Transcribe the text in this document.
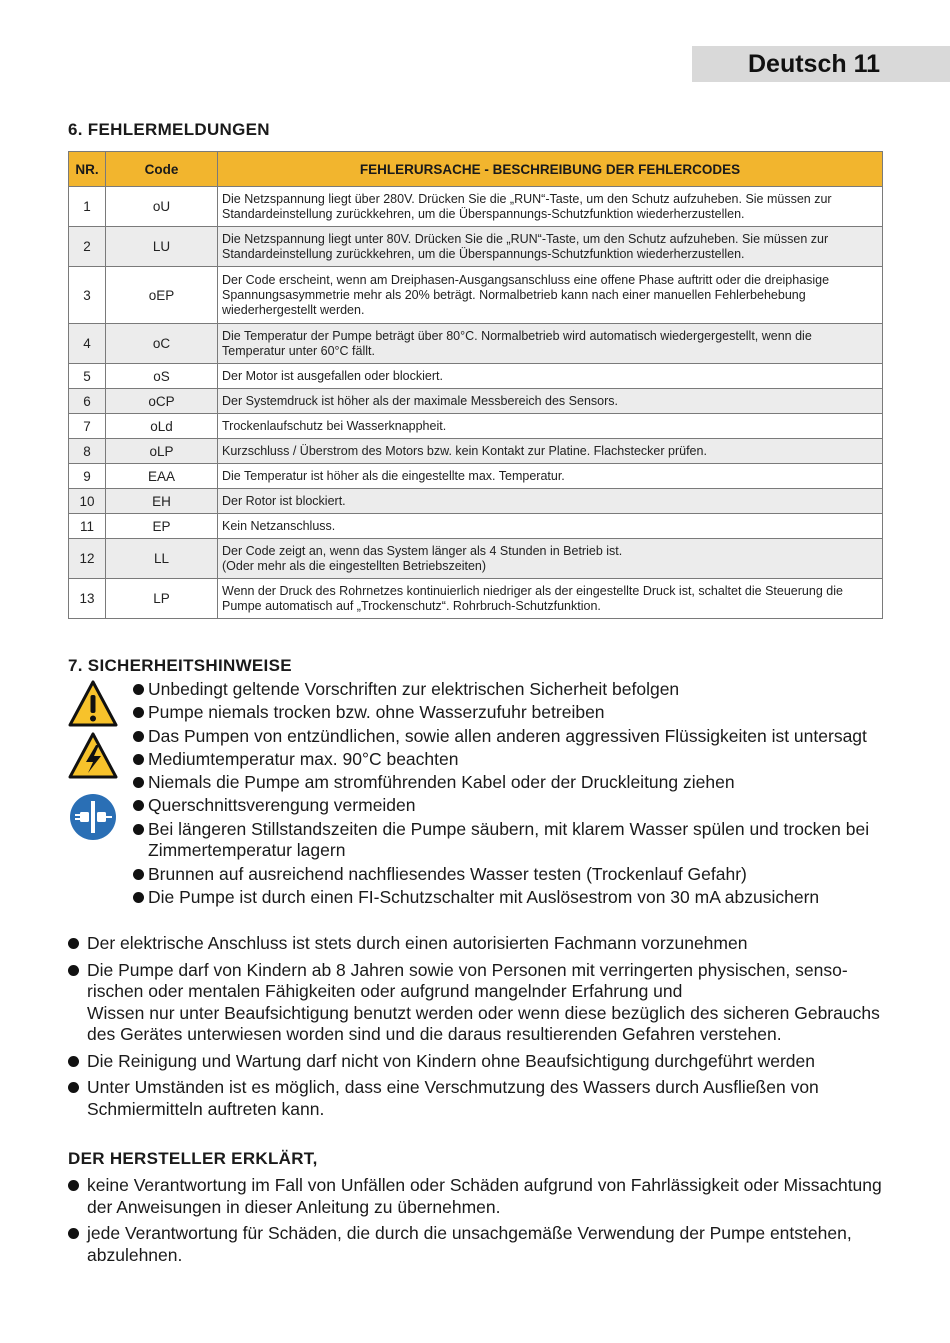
Deutsch 11
6. FEHLERMELDUNGEN
NR.	Code	FEHLERURSACHE - BESCHREIBUNG DER FEHLERCODES
1	oU	Die Netzspannung liegt über 280V. Drücken Sie die „RUN“-Taste, um den Schutz aufzuheben. Sie müssen zur Standardeinstellung zurückkehren, um die Überspannungs-Schutzfunktion wiederherzustellen.
2	LU	Die Netzspannung liegt unter 80V. Drücken Sie die „RUN“-Taste, um den Schutz aufzuheben. Sie müssen zur Standardeinstellung zurückkehren, um die Überspannungs-Schutzfunktion wiederherzustellen.
3	oEP	Der Code erscheint, wenn am Dreiphasen-Ausgangsanschluss eine offene Phase auftritt oder die dreiphasige Spannungsasymmetrie mehr als 20% beträgt. Normalbetrieb kann nach einer manuellen Fehlerbehebung wiederhergestellt werden.
4	oC	Die Temperatur der Pumpe beträgt über 80°C. Normalbetrieb wird automatisch wiedergergestellt, wenn die Temperatur unter 60°C fällt.
5	oS	Der Motor ist ausgefallen oder blockiert.
6	oCP	Der Systemdruck ist höher als der maximale Messbereich des Sensors.
7	oLd	Trockenlaufschutz bei Wasserknappheit.
8	oLP	Kurzschluss / Überstrom des Motors bzw. kein Kontakt zur Platine. Flachstecker prüfen.
9	EAA	Die Temperatur ist höher als die eingestellte max. Temperatur.
10	EH	Der Rotor ist blockiert.
11	EP	Kein Netzanschluss.
12	LL	Der Code zeigt an, wenn das System länger als 4 Stunden in Betrieb ist.
(Oder mehr als die eingestellten Betriebszeiten)
13	LP	Wenn der Druck des Rohrnetzes kontinuierlich niedriger als der eingestellte Druck ist, schaltet die Steuerung die Pumpe automatisch auf „Trockenschutz“. Rohrbruch-Schutzfunktion.
7. SICHERHEITSHINWEISE
Unbedingt geltende Vorschriften zur elektrischen Sicherheit befolgen
Pumpe niemals trocken bzw. ohne Wasserzufuhr betreiben
Das Pumpen von entzündlichen, sowie allen anderen aggressiven Flüssigkeiten ist untersagt
Mediumtemperatur max. 90°C beachten
Niemals die Pumpe am stromführenden Kabel oder der Druckleitung ziehen
Querschnittsverengung vermeiden
Bei längeren Stillstandszeiten die Pumpe säubern, mit klarem Wasser spülen und trocken bei Zimmertemperatur lagern
Brunnen auf ausreichend nachfliesendes Wasser testen (Trockenlauf Gefahr)
Die Pumpe ist durch einen FI-Schutzschalter mit Auslösestrom von 30 mA abzusichern
Der elektrische Anschluss ist stets durch einen autorisierten Fachmann vorzunehmen
Die Pumpe darf von Kindern ab 8 Jahren sowie von Personen mit verringerten physischen, senso-rischen oder mentalen Fähigkeiten oder aufgrund mangelnder Erfahrung und
Wissen nur unter Beaufsichtigung benutzt werden oder wenn diese bezüglich des sicheren Gebrauchs des Gerätes unterwiesen worden sind und die daraus resultierenden Gefahren verstehen.
Die Reinigung und Wartung darf nicht von Kindern ohne Beaufsichtigung durchgeführt werden
Unter Umständen ist es möglich, dass eine Verschmutzung des Wassers durch Ausfließen von Schmiermitteln auftreten kann.
DER HERSTELLER ERKLÄRT,
keine Verantwortung im Fall von Unfällen oder Schäden aufgrund von Fahrlässigkeit oder Missachtung der Anweisungen in dieser Anleitung zu übernehmen.
jede Verantwortung für Schäden, die durch die unsachgemäße Verwendung der Pumpe entstehen, abzulehnen.
